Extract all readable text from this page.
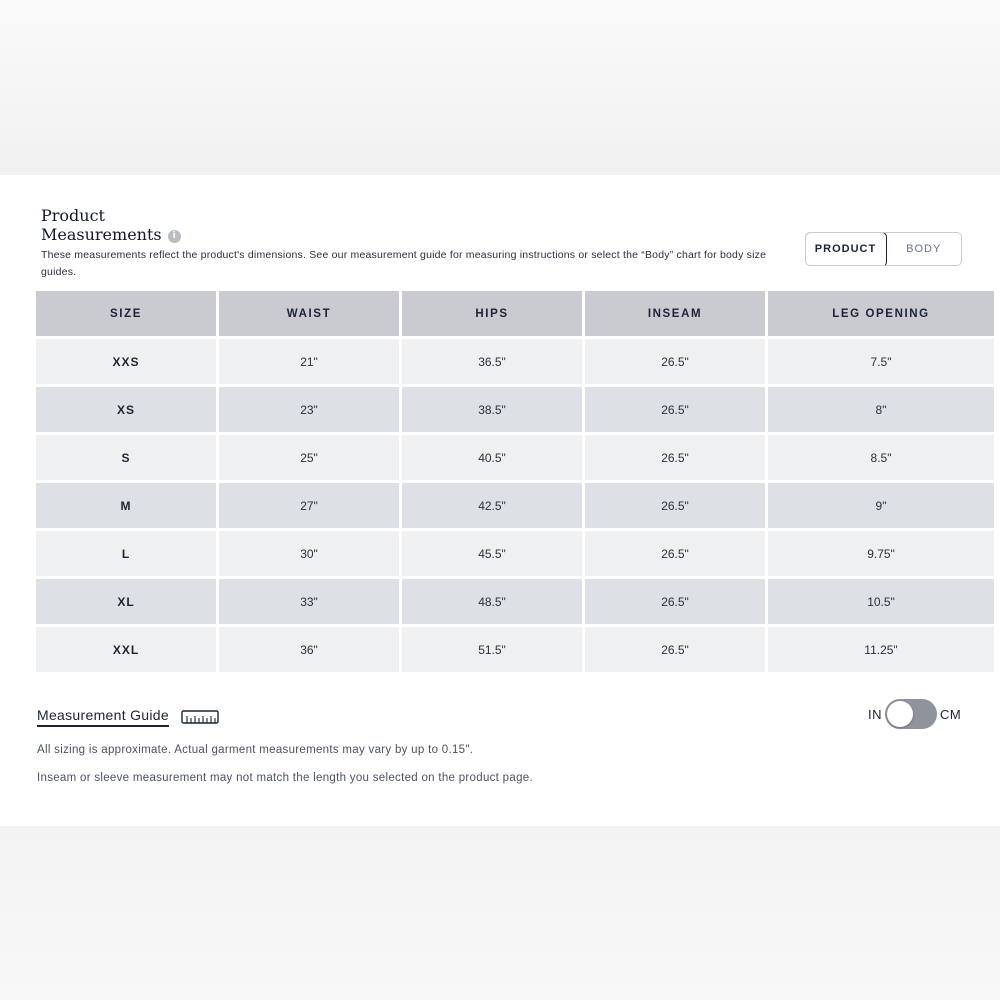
Product
Measurements i

These measurements reflect the product's dimensions. See our measurement guide for measuring instructions or select the “Body” chart for body size guides.

PRODUCT	BODY
SIZE	WAIST	HIPS	INSEAM	LEG OPENING
XXS	21"	36.5"	26.5"	7.5"
XS	23"	38.5"	26.5"	8"
S	25"	40.5"	26.5"	8.5"
M	27"	42.5"	26.5"	9"
L	30"	45.5"	26.5"	9.75"
XL	33"	48.5"	26.5"	10.5"
XXL	36"	51.5"	26.5"	11.25"
Measurement Guide

All sizing is approximate. Actual garment measurements may vary by up to 0.15".

Inseam or sleeve measurement may not match the length you selected on the product page.

IN	CM
